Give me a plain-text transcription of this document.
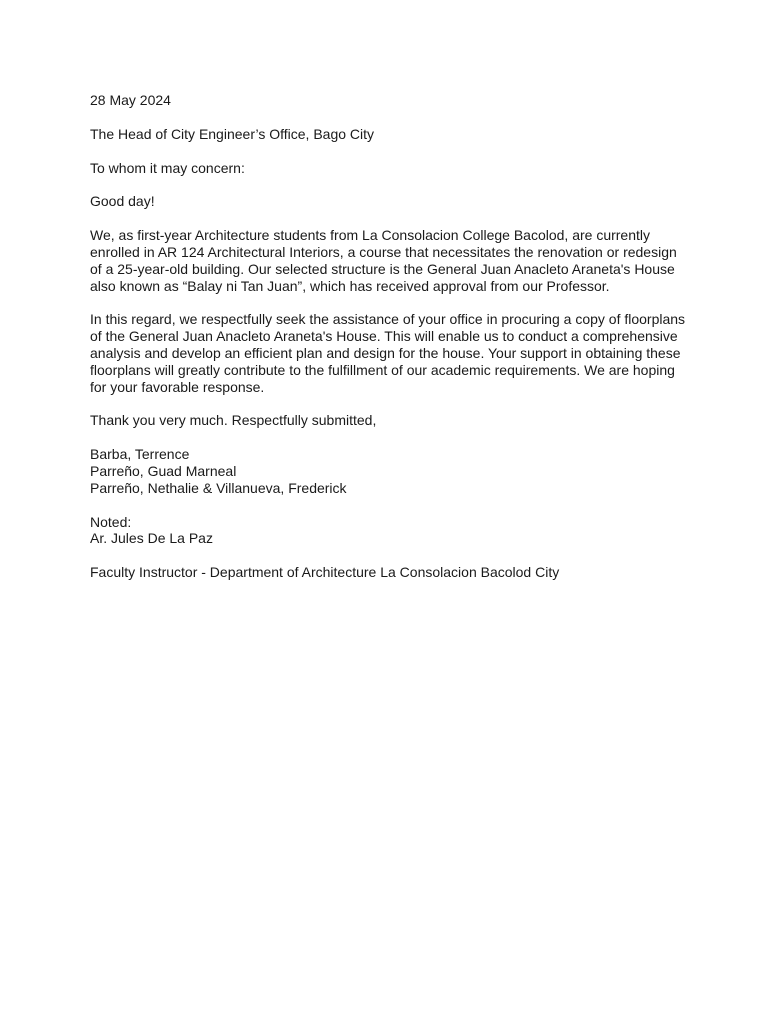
28 May 2024

The Head of City Engineer’s Office, Bago City

To whom it may concern:

Good day!

We, as first-year Architecture students from La Consolacion College Bacolod, are currently
enrolled in AR 124 Architectural Interiors, a course that necessitates the renovation or redesign
of a 25-year-old building. Our selected structure is the General Juan Anacleto Araneta's House
also known as “Balay ni Tan Juan”, which has received approval from our Professor.
In this regard, we respectfully seek the assistance of your office in procuring a copy of floorplans
of the General Juan Anacleto Araneta's House. This will enable us to conduct a comprehensive
analysis and develop an efficient plan and design for the house. Your support in obtaining these
floorplans will greatly contribute to the fulfillment of our academic requirements. We are hoping
for your favorable response.

Thank you very much. Respectfully submitted,

Barba, Terrence
Parreño, Guad Marneal
Parreño, Nethalie & Villanueva, Frederick
Noted:
Ar. Jules De La Paz

Faculty Instructor - Department of Architecture La Consolacion Bacolod City
